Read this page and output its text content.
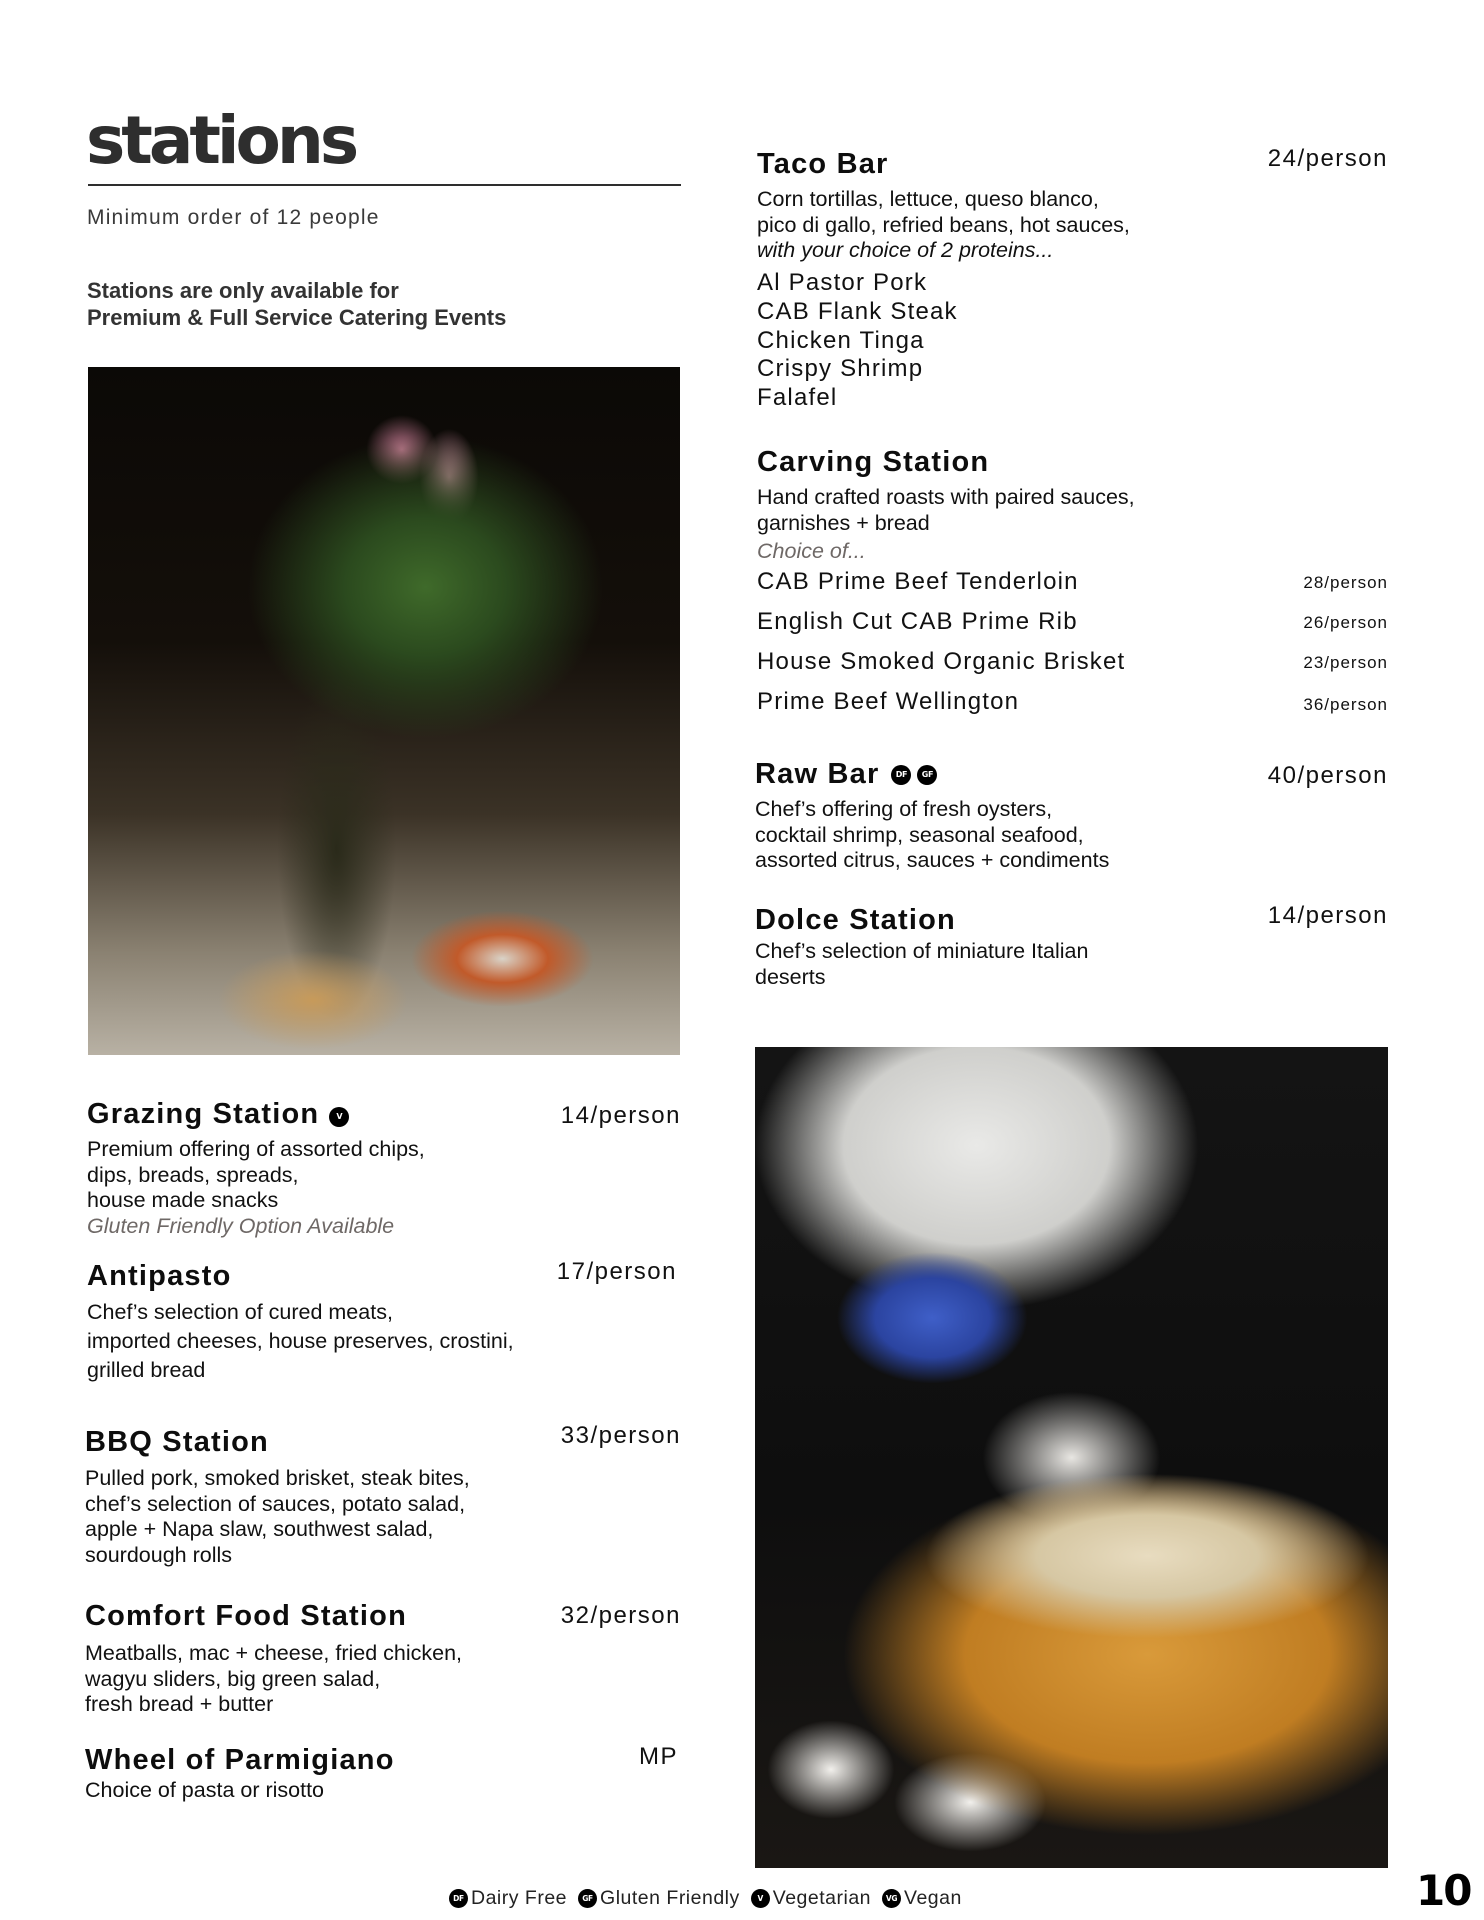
stations
Minimum order of 12 people
Stations are only available for
Premium & Full Service Catering Events
Taco Bar	24/person
Corn tortillas, lettuce, queso blanco,
pico di gallo, refried beans, hot sauces,
with your choice of 2 proteins...
Al Pastor Pork
CAB Flank Steak
Chicken Tinga
Crispy Shrimp
Falafel
Carving Station
Hand crafted roasts with paired sauces,
garnishes + bread
Choice of...
CAB Prime Beef Tenderloin	28/person
English Cut CAB Prime Rib	26/person
House Smoked Organic Brisket	23/person
Prime Beef Wellington	36/person
Raw Bar	DF	GF	40/person
Chef’s offering of fresh oysters,
cocktail shrimp, seasonal seafood,
assorted citrus, sauces + condiments
Dolce Station	14/person
Chef’s selection of miniature Italian
deserts
Grazing Station	V	14/person
Premium offering of assorted chips,
dips, breads, spreads,
house made snacks
Gluten Friendly Option Available
Antipasto	17/person
Chef’s selection of cured meats,
imported cheeses, house preserves, crostini,
grilled bread
BBQ Station	33/person
Pulled pork, smoked brisket, steak bites,
chef’s selection of sauces, potato salad,
apple + Napa slaw, southwest salad,
sourdough rolls
Comfort Food Station	32/person
Meatballs, mac + cheese, fried chicken,
wagyu sliders, big green salad,
fresh bread + butter
Wheel of Parmigiano	MP
Choice of pasta or risotto
DF Dairy Free	GF Gluten Friendly	V Vegetarian	VG Vegan	10
